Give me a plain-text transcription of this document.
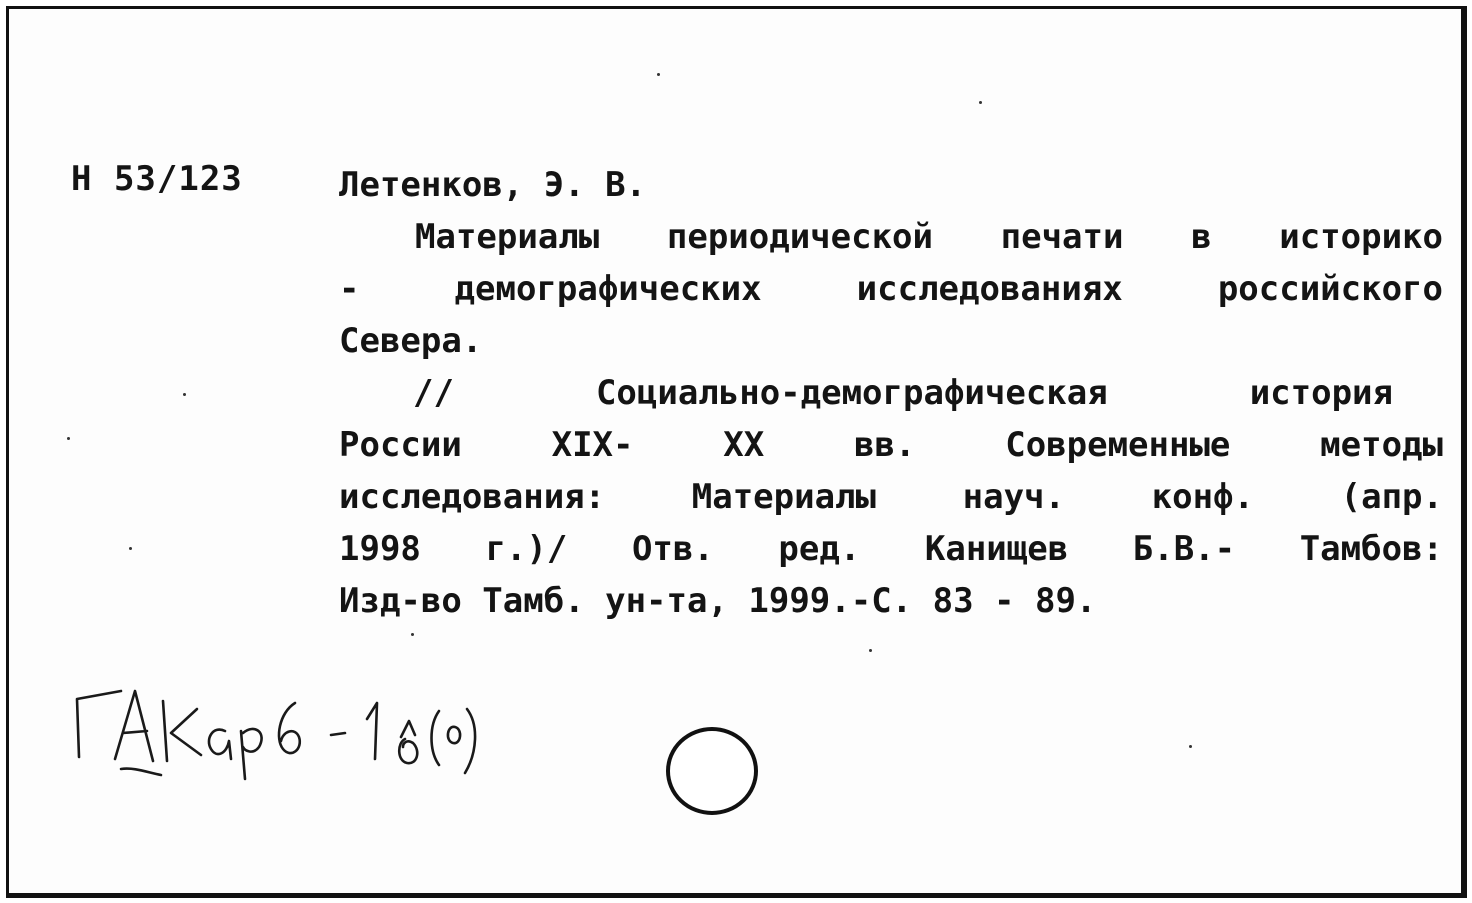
Н 53/123	Летенков, Э. В.
Материалы периодической печати в историко
-	демографических	исследованиях	российского
Севера.
//	Социально-демографическая	история
России	XIX-	XX	вв.	Современные	методы
исследования:	Материалы	науч.	конф.	(апр.
1998 г.)/ Отв. ред. Канищев Б.В.- Тамбов:
Изд-во Тамб. ун-та, 1999.-С. 83 - 89.
